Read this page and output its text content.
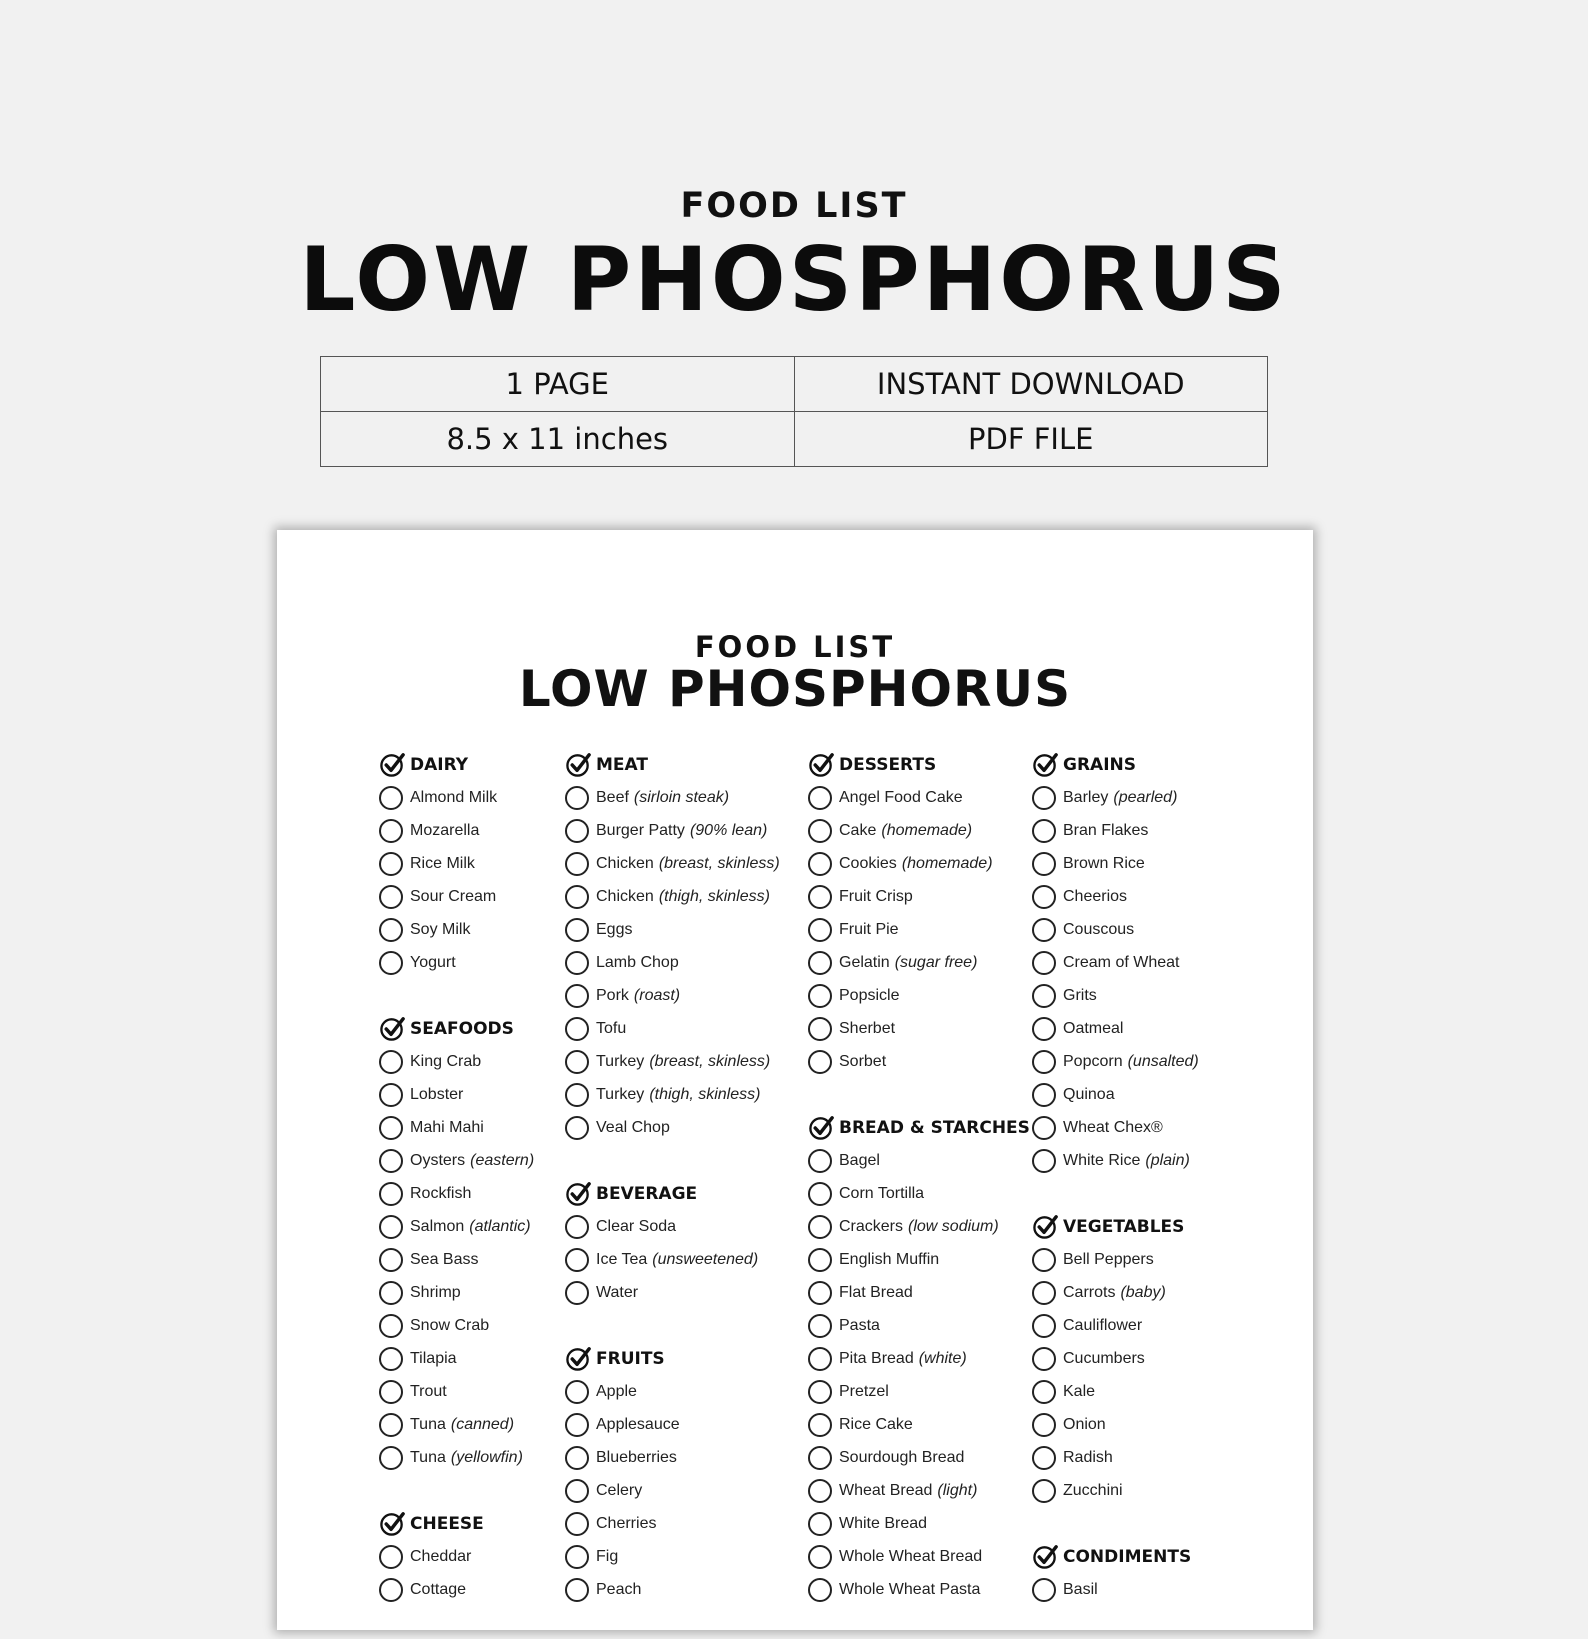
FOOD LIST
LOW PHOSPHORUS
1 PAGE	INSTANT DOWNLOAD
8.5 x 11 inches	PDF FILE
FOOD LIST
LOW PHOSPHORUS
DAIRY
Almond Milk
Mozarella
Rice Milk
Sour Cream
Soy Milk
Yogurt
SEAFOODS
King Crab
Lobster
Mahi Mahi
Oysters (eastern)
Rockfish
Salmon (atlantic)
Sea Bass
Shrimp
Snow Crab
Tilapia
Trout
Tuna (canned)
Tuna (yellowfin)
CHEESE
Cheddar
Cottage
MEAT
Beef (sirloin steak)
Burger Patty (90% lean)
Chicken (breast, skinless)
Chicken (thigh, skinless)
Eggs
Lamb Chop
Pork (roast)
Tofu
Turkey (breast, skinless)
Turkey (thigh, skinless)
Veal Chop
BEVERAGE
Clear Soda
Ice Tea (unsweetened)
Water
FRUITS
Apple
Applesauce
Blueberries
Celery
Cherries
Fig
Peach
DESSERTS
Angel Food Cake
Cake (homemade)
Cookies (homemade)
Fruit Crisp
Fruit Pie
Gelatin (sugar free)
Popsicle
Sherbet
Sorbet
BREAD & STARCHES
Bagel
Corn Tortilla
Crackers (low sodium)
English Muffin
Flat Bread
Pasta
Pita Bread (white)
Pretzel
Rice Cake
Sourdough Bread
Wheat Bread (light)
White Bread
Whole Wheat Bread
Whole Wheat Pasta
GRAINS
Barley (pearled)
Bran Flakes
Brown Rice
Cheerios
Couscous
Cream of Wheat
Grits
Oatmeal
Popcorn (unsalted)
Quinoa
Wheat Chex®
White Rice (plain)
VEGETABLES
Bell Peppers
Carrots (baby)
Cauliflower
Cucumbers
Kale
Onion
Radish
Zucchini
CONDIMENTS
Basil
